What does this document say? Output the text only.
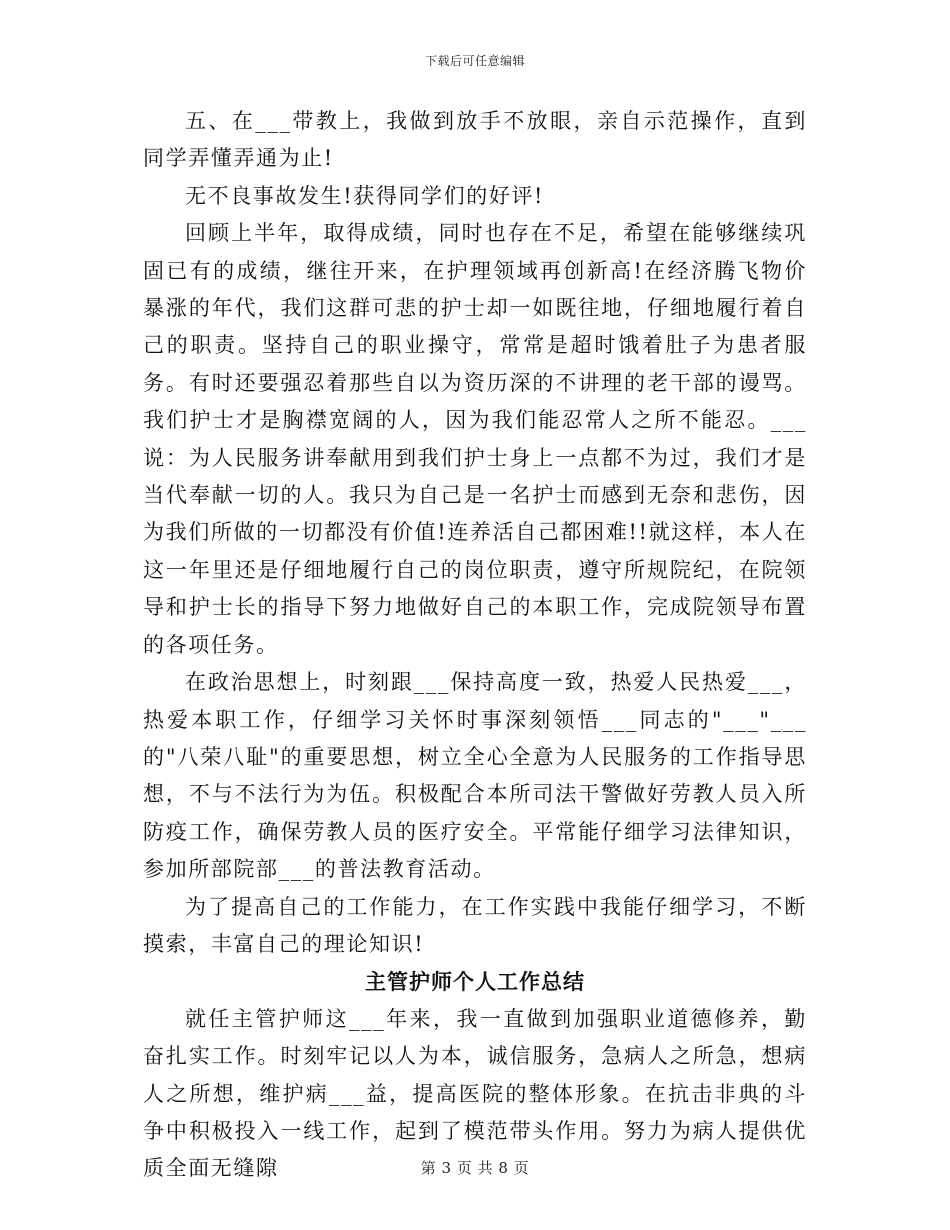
下载后可任意编辑

五、在___带教上，我做到放手不放眼，亲自示范操作，直到同学弄懂弄通为止!

无不良事故发生!获得同学们的好评!

回顾上半年，取得成绩，同时也存在不足，希望在能够继续巩固已有的成绩，继往开来，在护理领域再创新高!在经济腾飞物价暴涨的年代，我们这群可悲的护士却一如既往地，仔细地履行着自己的职责。坚持自己的职业操守，常常是超时饿着肚子为患者服务。有时还要强忍着那些自以为资历深的不讲理的老干部的谩骂。我们护士才是胸襟宽阔的人，因为我们能忍常人之所不能忍。___说：为人民服务讲奉献用到我们护士身上一点都不为过，我们才是当代奉献一切的人。我只为自己是一名护士而感到无奈和悲伤，因为我们所做的一切都没有价值!连养活自己都困难!!就这样，本人在这一年里还是仔细地履行自己的岗位职责，遵守所规院纪，在院领导和护士长的指导下努力地做好自己的本职工作，完成院领导布置的各项任务。

在政治思想上，时刻跟___保持高度一致，热爱人民热爱___，热爱本职工作，仔细学习关怀时事深刻领悟___同志的"___"___的"八荣八耻"的重要思想，树立全心全意为人民服务的工作指导思想，不与不法行为为伍。积极配合本所司法干警做好劳教人员入所防疫工作，确保劳教人员的医疗安全。平常能仔细学习法律知识，参加所部院部___的普法教育活动。

为了提高自己的工作能力，在工作实践中我能仔细学习，不断摸索，丰富自己的理论知识!

主管护师个人工作总结

就任主管护师这___年来，我一直做到加强职业道德修养，勤奋扎实工作。时刻牢记以人为本，诚信服务，急病人之所急，想病人之所想，维护病___益，提高医院的整体形象。在抗击非典的斗争中积极投入一线工作，起到了模范带头作用。努力为病人提供优质全面无缝隙	第 3 页 共 8 页
